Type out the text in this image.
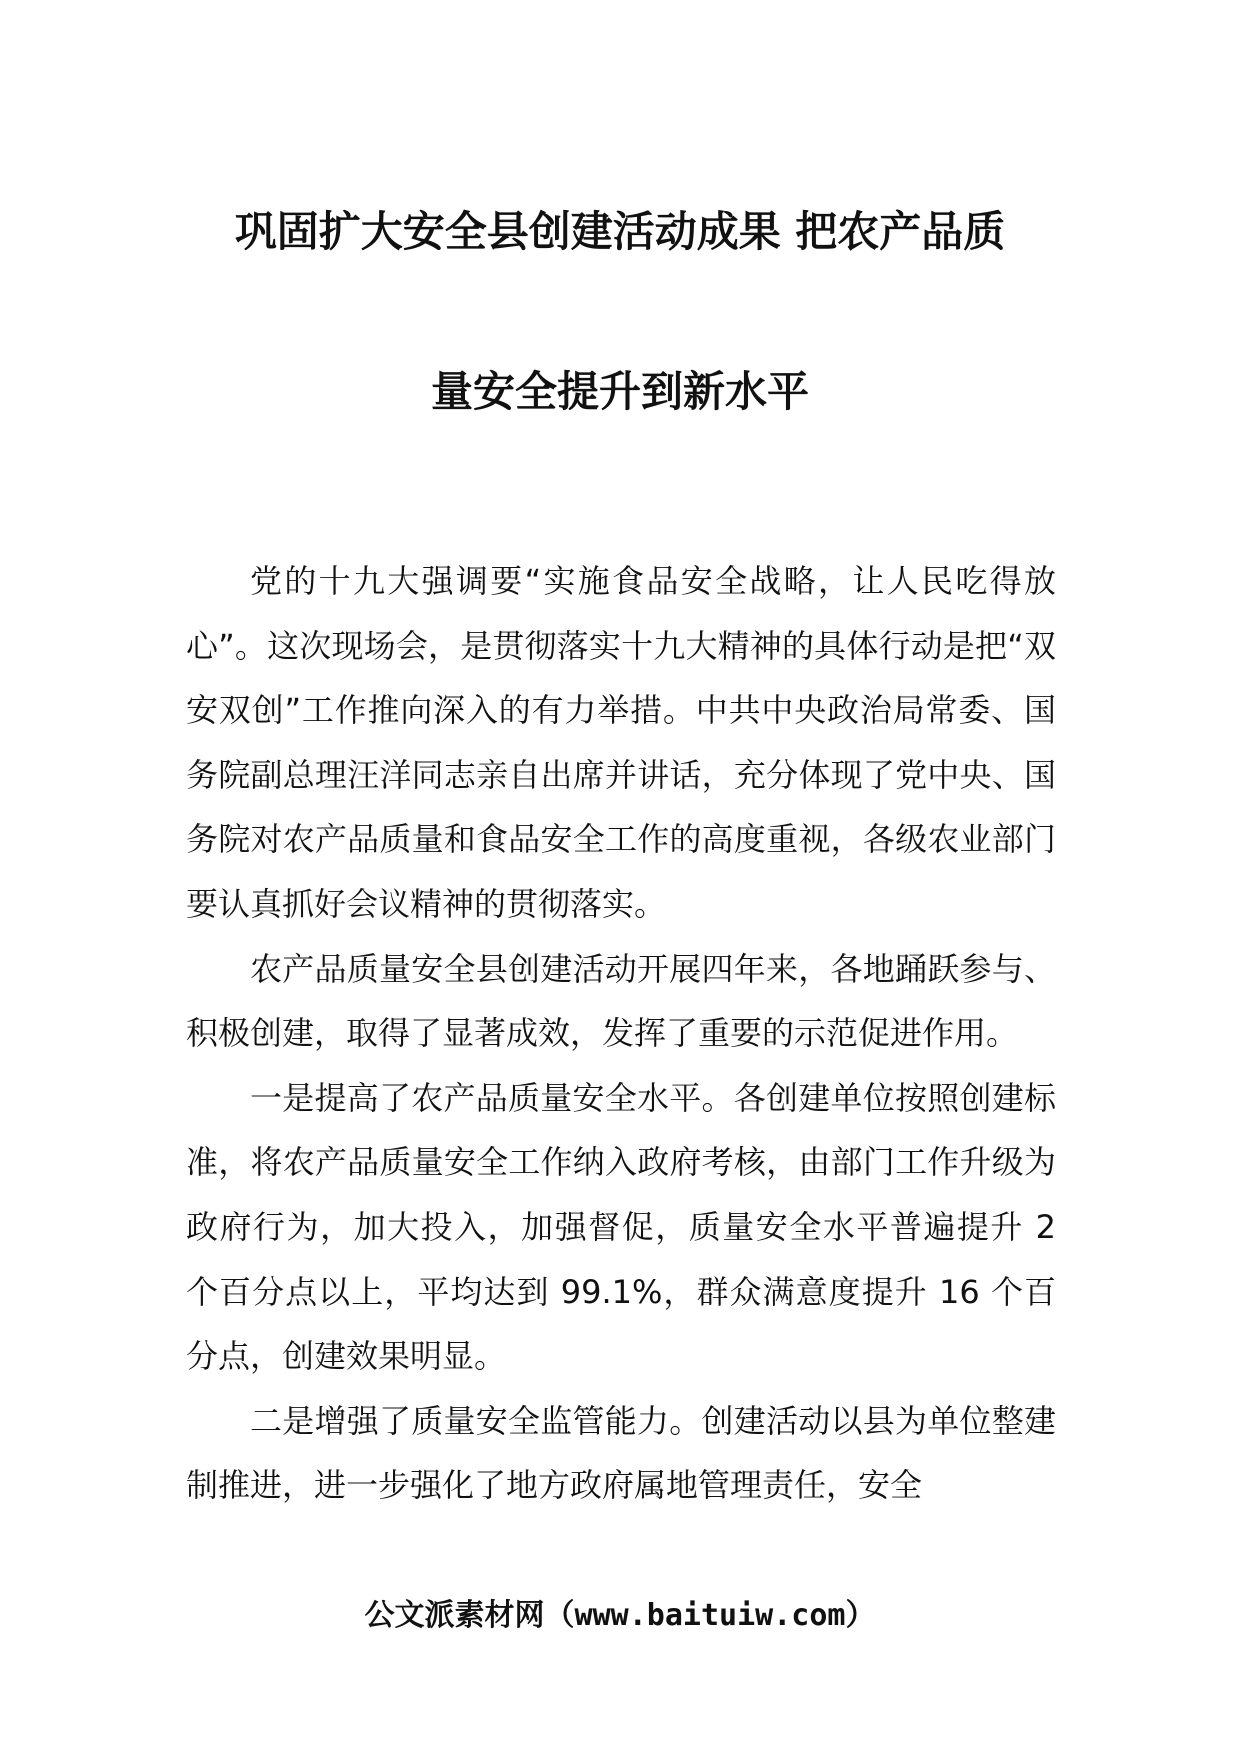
巩固扩大安全县创建活动成果 把农产品质
量安全提升到新水平

党的十九大强调要“实施食品安全战略，让人民吃得放心”。这次现场会，是贯彻落实十九大精神的具体行动是把“双安双创”工作推向深入的有力举措。中共中央政治局常委、国务院副总理汪洋同志亲自出席并讲话，充分体现了党中央、国务院对农产品质量和食品安全工作的高度重视，各级农业部门要认真抓好会议精神的贯彻落实。

农产品质量安全县创建活动开展四年来，各地踊跃参与、积极创建，取得了显著成效，发挥了重要的示范促进作用。

一是提高了农产品质量安全水平。各创建单位按照创建标准，将农产品质量安全工作纳入政府考核，由部门工作升级为政府行为，加大投入，加强督促，质量安全水平普遍提升 2 个百分点以上，平均达到 99.1%，群众满意度提升 16 个百分点，创建效果明显。

二是增强了质量安全监管能力。创建活动以县为单位整建制推进，进一步强化了地方政府属地管理责任，安全

公文派素材网（www.baituiw.com）
